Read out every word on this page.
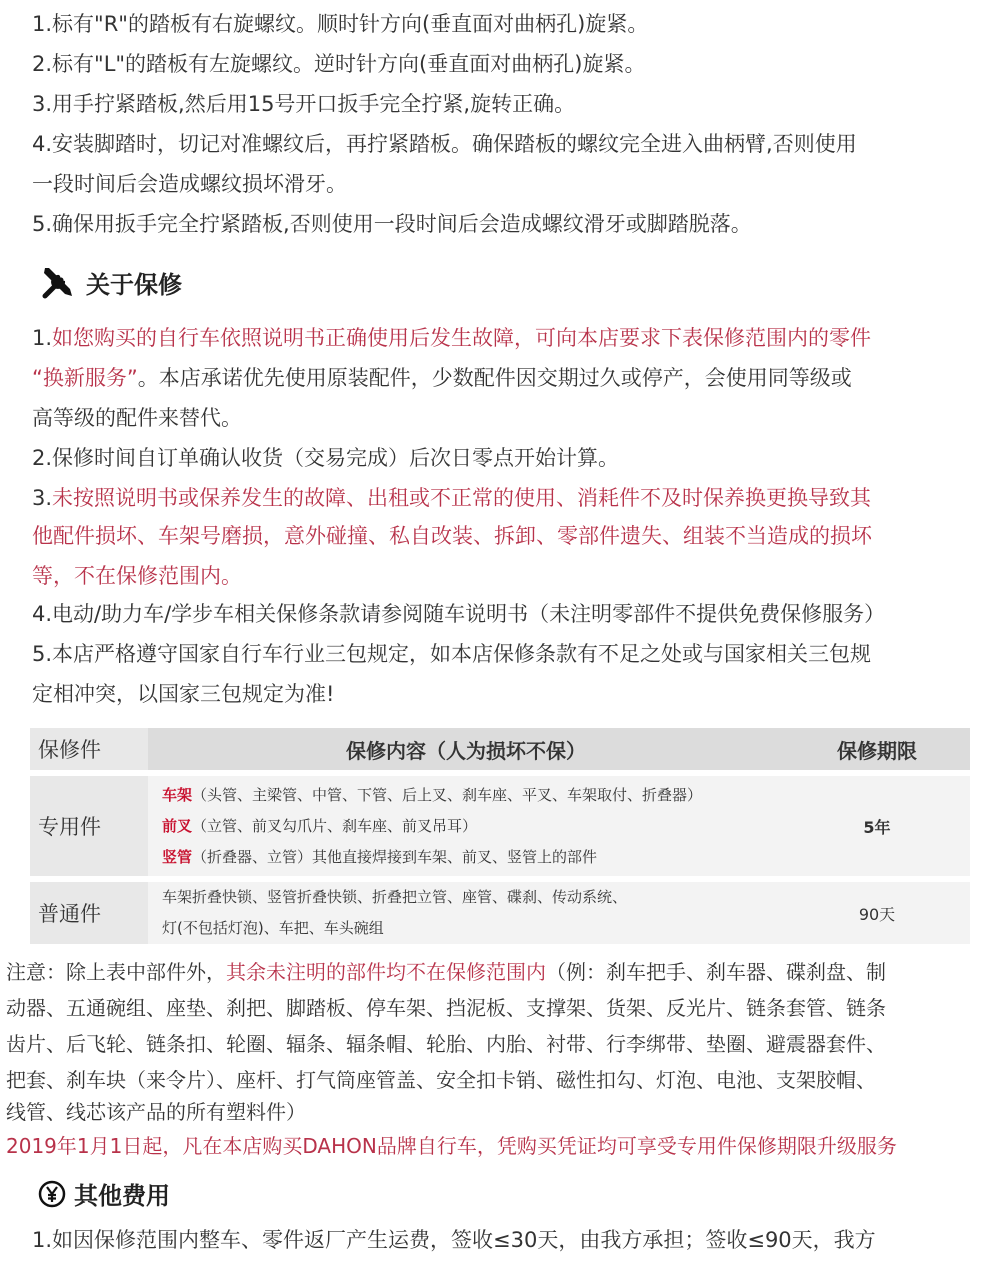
1.标有"R"的踏板有右旋螺纹。顺时针方向(垂直面对曲柄孔)旋紧。
2.标有"L"的踏板有左旋螺纹。逆时针方向(垂直面对曲柄孔)旋紧。
3.用手拧紧踏板,然后用15号开口扳手完全拧紧,旋转正确。
4.安装脚踏时，切记对准螺纹后，再拧紧踏板。确保踏板的螺纹完全进入曲柄臂,否则使用
一段时间后会造成螺纹损坏滑牙。
5.确保用扳手完全拧紧踏板,否则使用一段时间后会造成螺纹滑牙或脚踏脱落。
关于保修
1.如您购买的自行车依照说明书正确使用后发生故障，可向本店要求下表保修范围内的零件
“换新服务”。本店承诺优先使用原装配件，少数配件因交期过久或停产，会使用同等级或
高等级的配件来替代。
2.保修时间自订单确认收货（交易完成）后次日零点开始计算。
3.未按照说明书或保养发生的故障、出租或不正常的使用、消耗件不及时保养换更换导致其
他配件损坏、车架号磨损，意外碰撞、私自改装、拆卸、零部件遗失、组装不当造成的损坏
等，不在保修范围内。
4.电动/助力车/学步车相关保修条款请参阅随车说明书（未注明零部件不提供免费保修服务）
5.本店严格遵守国家自行车行业三包规定，如本店保修条款有不足之处或与国家相关三包规
定相冲突，以国家三包规定为准!
保修件	保修内容（人为损坏不保）	保修期限

专用件	车架（头管、主梁管、中管、下管、后上叉、刹车座、平叉、车架取付、折叠器）
前叉（立管、前叉勾爪片、刹车座、前叉吊耳）
竖管（折叠器、立管）其他直接焊接到车架、前叉、竖管上的部件	5年

普通件	车架折叠快锁、竖管折叠快锁、折叠把立管、座管、碟刹、传动系统、
灯(不包括灯泡)、车把、车头碗组	90天
注意：除上表中部件外，其余未注明的部件均不在保修范围内（例：刹车把手、刹车器、碟刹盘、制
动器、五通碗组、座垫、刹把、脚踏板、停车架、挡泥板、支撑架、货架、反光片、链条套管、链条
齿片、后飞轮、链条扣、轮圈、辐条、辐条帽、轮胎、内胎、衬带、行李绑带、垫圈、避震器套件、
把套、刹车块（来令片）、座杆、打气筒座管盖、安全扣卡销、磁性扣勾、灯泡、电池、支架胶帽、
线管、线芯该产品的所有塑料件）
2019年1月1日起，凡在本店购买DAHON品牌自行车，凭购买凭证均可享受专用件保修期限升级服务
其他费用
1.如因保修范围内整车、零件返厂产生运费，签收≤30天，由我方承担；签收≤90天，我方
